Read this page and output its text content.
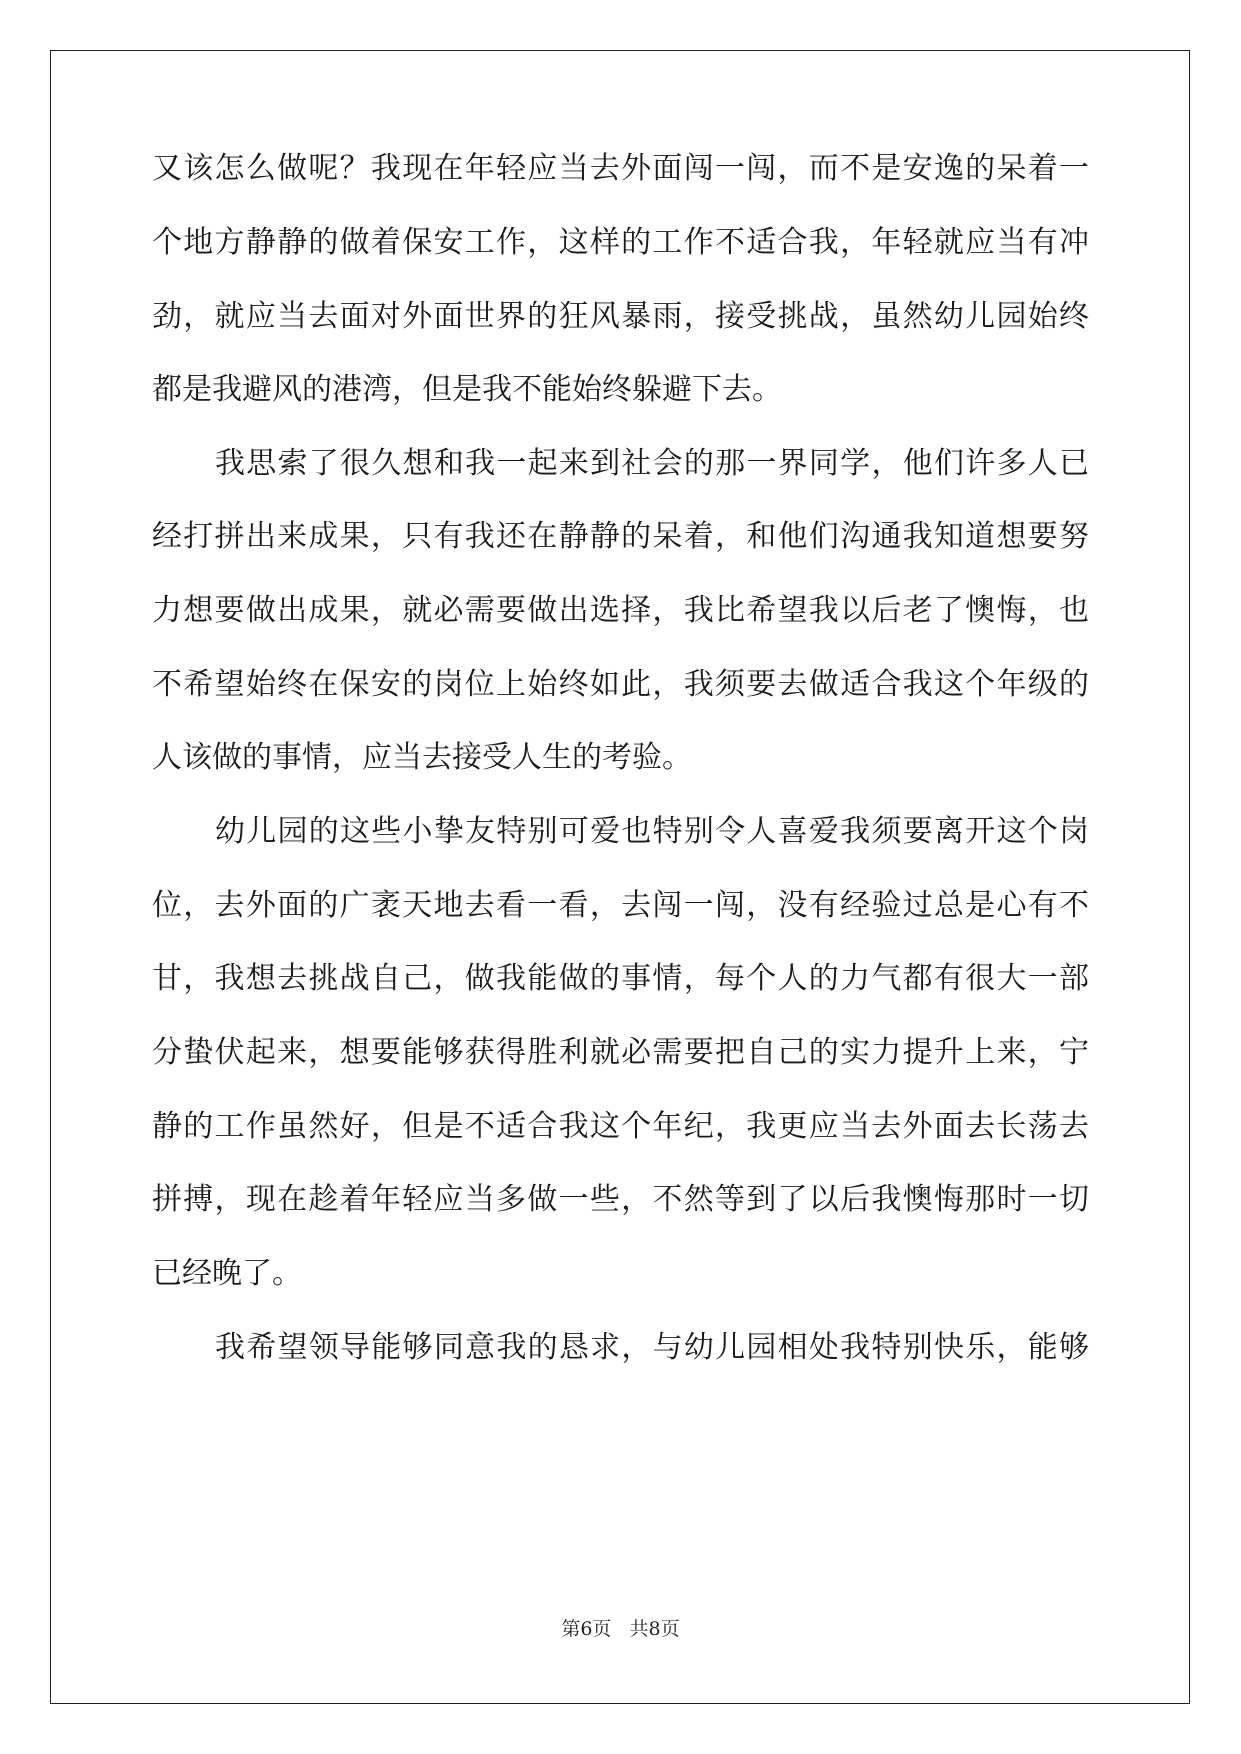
又该怎么做呢？我现在年轻应当去外面闯一闯，而不是安逸的呆着一
个地方静静的做着保安工作，这样的工作不适合我，年轻就应当有冲
劲，就应当去面对外面世界的狂风暴雨，接受挑战，虽然幼儿园始终
都是我避风的港湾，但是我不能始终躲避下去。
我思索了很久想和我一起来到社会的那一界同学，他们许多人已
经打拼出来成果，只有我还在静静的呆着，和他们沟通我知道想要努
力想要做出成果，就必需要做出选择，我比希望我以后老了懊悔，也
不希望始终在保安的岗位上始终如此，我须要去做适合我这个年级的
人该做的事情，应当去接受人生的考验。
幼儿园的这些小挚友特别可爱也特别令人喜爱我须要离开这个岗
位，去外面的广袤天地去看一看，去闯一闯，没有经验过总是心有不
甘，我想去挑战自己，做我能做的事情，每个人的力气都有很大一部
分蛰伏起来，想要能够获得胜利就必需要把自己的实力提升上来，宁
静的工作虽然好，但是不适合我这个年纪，我更应当去外面去长荡去
拼搏，现在趁着年轻应当多做一些，不然等到了以后我懊悔那时一切
已经晚了。
我希望领导能够同意我的恳求，与幼儿园相处我特别快乐，能够
第6页   共8页
